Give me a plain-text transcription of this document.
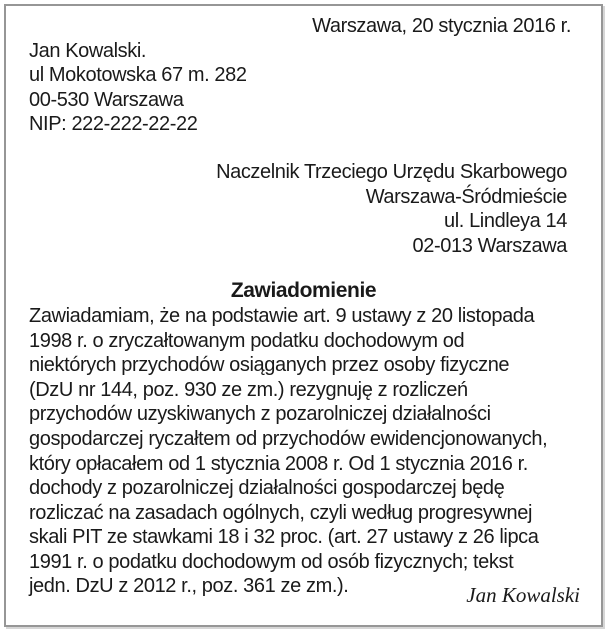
Warszawa, 20 stycznia 2016 r.
Jan Kowalski.
ul Mokotowska 67 m. 282
00-530 Warszawa
NIP: 222-222-22-22
Naczelnik Trzeciego Urzędu Skarbowego
Warszawa-Śródmieście
ul. Lindleya 14
02-013 Warszawa
Zawiadomienie
Zawiadamiam, że na podstawie art. 9 ustawy z 20 listopada
1998 r. o zryczałtowanym podatku dochodowym od
niektórych przychodów osiąganych przez osoby fizyczne
(DzU nr 144, poz. 930 ze zm.) rezygnuję z rozliczeń
przychodów uzyskiwanych z pozarolniczej działalności
gospodarczej ryczałtem od przychodów ewidencjonowanych,
który opłacałem od 1 stycznia 2008 r. Od 1 stycznia 2016 r.
dochody z pozarolniczej działalności gospodarczej będę
rozliczać na zasadach ogólnych, czyli według progresywnej
skali PIT ze stawkami 18 i 32 proc. (art. 27 ustawy z 26 lipca
1991 r. o podatku dochodowym od osób fizycznych; tekst
jedn. DzU z 2012 r., poz. 361 ze zm.).	Jan Kowalski
